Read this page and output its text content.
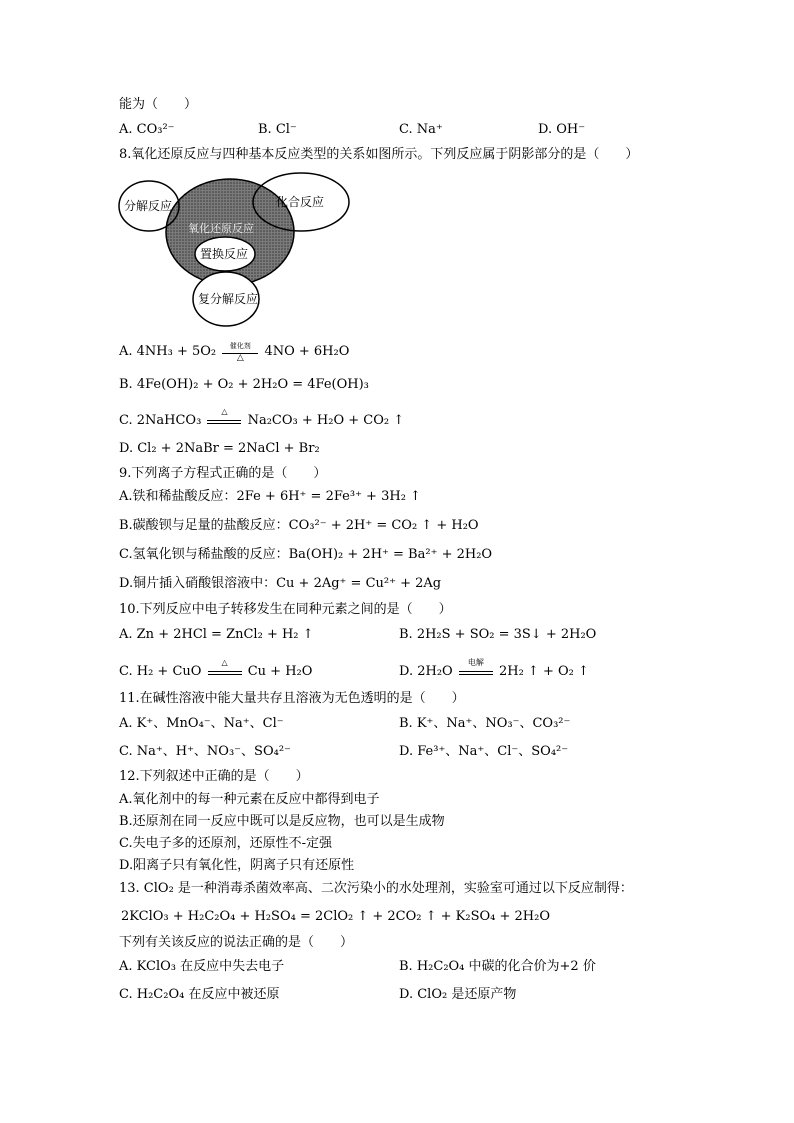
能为（　　）
A. CO₃²⁻	B. Cl⁻	C. Na⁺	D. OH⁻
8.氧化还原反应与四种基本反应类型的关系如图所示。下列反应属于阴影部分的是（　　）
分解反应	化合反应
氧化还原反应
置换反应
复分解反应
A. 4NH₃ + 5O₂	催化剂
△	4NO + 6H₂O
B. 4Fe(OH)₂ + O₂ + 2H₂O = 4Fe(OH)₃
C. 2NaHCO₃
△
Na₂CO₃ + H₂O + CO₂ ↑
D. Cl₂ + 2NaBr = 2NaCl + Br₂
9.下列离子方程式正确的是（　　）
A.铁和稀盐酸反应：2Fe + 6H⁺ = 2Fe³⁺ + 3H₂ ↑
B.碳酸钡与足量的盐酸反应：CO₃²⁻ + 2H⁺ = CO₂ ↑ + H₂O
C.氢氧化钡与稀盐酸的反应：Ba(OH)₂ + 2H⁺ = Ba²⁺ + 2H₂O
D.铜片插入硝酸银溶液中：Cu + 2Ag⁺ = Cu²⁺ + 2Ag
10.下列反应中电子转移发生在同种元素之间的是（　　）
A. Zn + 2HCl = ZnCl₂ + H₂ ↑	B. 2H₂S + SO₂ = 3S↓ + 2H₂O
C. H₂ + CuO
△
Cu + H₂O	D. 2H₂O
电解
2H₂ ↑ + O₂ ↑
11.在碱性溶液中能大量共存且溶液为无色透明的是（　　）
A. K⁺、MnO₄⁻、Na⁺、Cl⁻	B. K⁺、Na⁺、NO₃⁻、CO₃²⁻
C. Na⁺、H⁺、NO₃⁻、SO₄²⁻	D. Fe³⁺、Na⁺、Cl⁻、SO₄²⁻
12.下列叙述中正确的是（　　）
A.氧化剂中的每一种元素在反应中都得到电子
B.还原剂在同一反应中既可以是反应物，也可以是生成物
C.失电子多的还原剂，还原性不-定强
D.阳离子只有氧化性，阴离子只有还原性
13. ClO₂ 是一种消毒杀菌效率高、二次污染小的水处理剂，实验室可通过以下反应制得：
2KClO₃ + H₂C₂O₄ + H₂SO₄ = 2ClO₂ ↑ + 2CO₂ ↑ + K₂SO₄ + 2H₂O
下列有关该反应的说法正确的是（　　）
A. KClO₃ 在反应中失去电子	B. H₂C₂O₄ 中碳的化合价为+2 价
C. H₂C₂O₄ 在反应中被还原	D. ClO₂ 是还原产物
